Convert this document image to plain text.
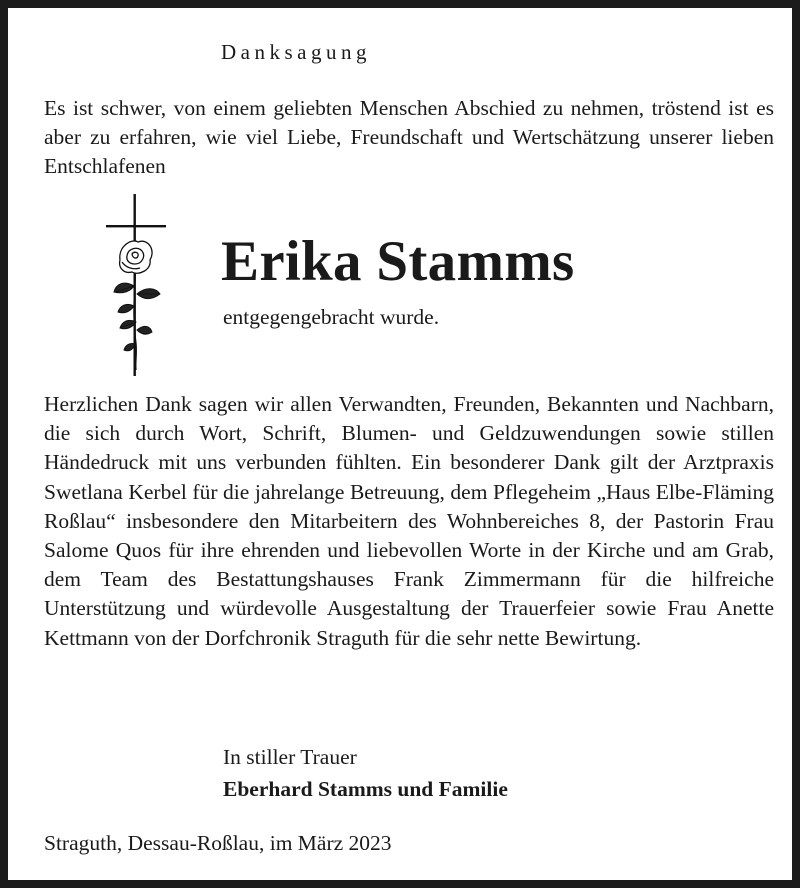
Danksagung
Es ist schwer, von einem geliebten Menschen Abschied zu nehmen, tröstend ist es aber zu erfahren, wie viel Liebe, Freundschaft und Wertschätzung unserer lieben Entschlafenen
Erika Stamms
entgegengebracht wurde.
Herzlichen Dank sagen wir allen Verwandten, Freunden, Bekannten und Nachbarn, die sich durch Wort, Schrift, Blumen- und Geldzuwendungen sowie stillen Händedruck mit uns verbunden fühlten. Ein besonderer Dank gilt der Arztpraxis Swetlana Kerbel für die jahrelange Betreuung, dem Pflegeheim „Haus Elbe-Fläming Roßlau“ insbesondere den Mitarbeitern des Wohnbereiches 8, der Pastorin Frau Salome Quos für ihre ehrenden und liebevollen Worte in der Kirche und am Grab, dem Team des Bestattungshauses Frank Zimmermann für die hilfreiche Unterstützung und würdevolle Ausgestaltung der Trauerfeier sowie Frau Anette Kettmann von der Dorfchronik Straguth für die sehr nette Bewirtung.
In stiller Trauer
Eberhard Stamms und Familie
Straguth, Dessau-Roßlau, im März 2023
